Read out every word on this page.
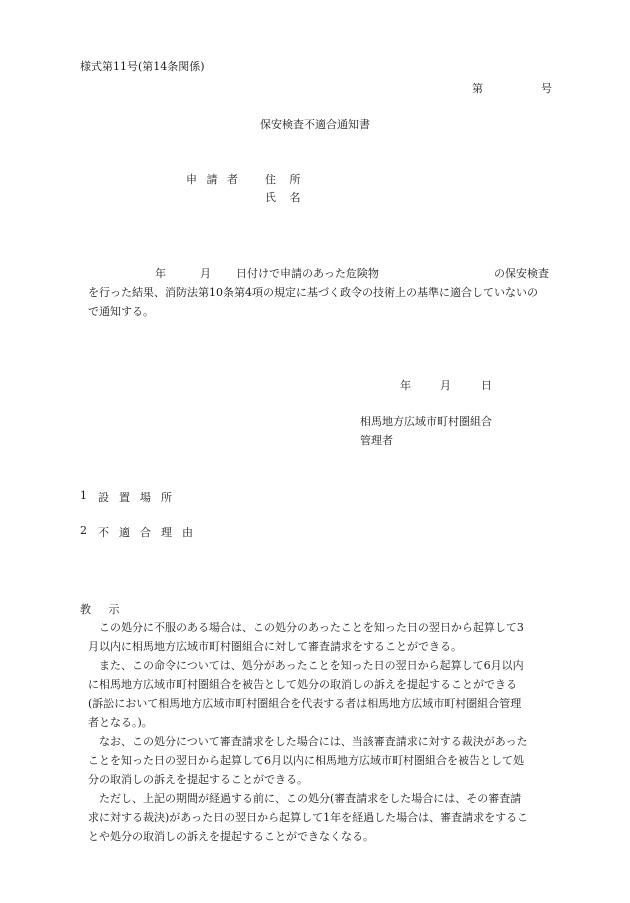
様式第11号(第14条関係)
第	号
保安検査不適合通知書
申 請 者 住 所
氏 名
年	月 日付けで申請のあった危険物	の保安検査
を行った結果、消防法第10条第4項の規定に基づく政令の技術上の基準に適合していないの
で通知する。
年	月	日
相馬地方広域市町村圏組合
管理者
1 設置場所
2 不適合理由
教 示
　この処分に不服のある場合は、この処分のあったことを知った日の翌日から起算して3
月以内に相馬地方広域市町村圏組合に対して審査請求をすることができる。
　また、この命令については、処分があったことを知った日の翌日から起算して6月以内
に相馬地方広域市町村圏組合を被告として処分の取消しの訴えを提起することができる
(訴訟において相馬地方広域市町村圏組合を代表する者は相馬地方広域市町村圏組合管理
者となる。)。
　なお、この処分について審査請求をした場合には、当該審査請求に対する裁決があった
ことを知った日の翌日から起算して6月以内に相馬地方広域市町村圏組合を被告として処
分の取消しの訴えを提起することができる。
　ただし、上記の期間が経過する前に、この処分(審査請求をした場合には、その審査請
求に対する裁決)があった日の翌日から起算して1年を経過した場合は、審査請求をするこ
とや処分の取消しの訴えを提起することができなくなる。
